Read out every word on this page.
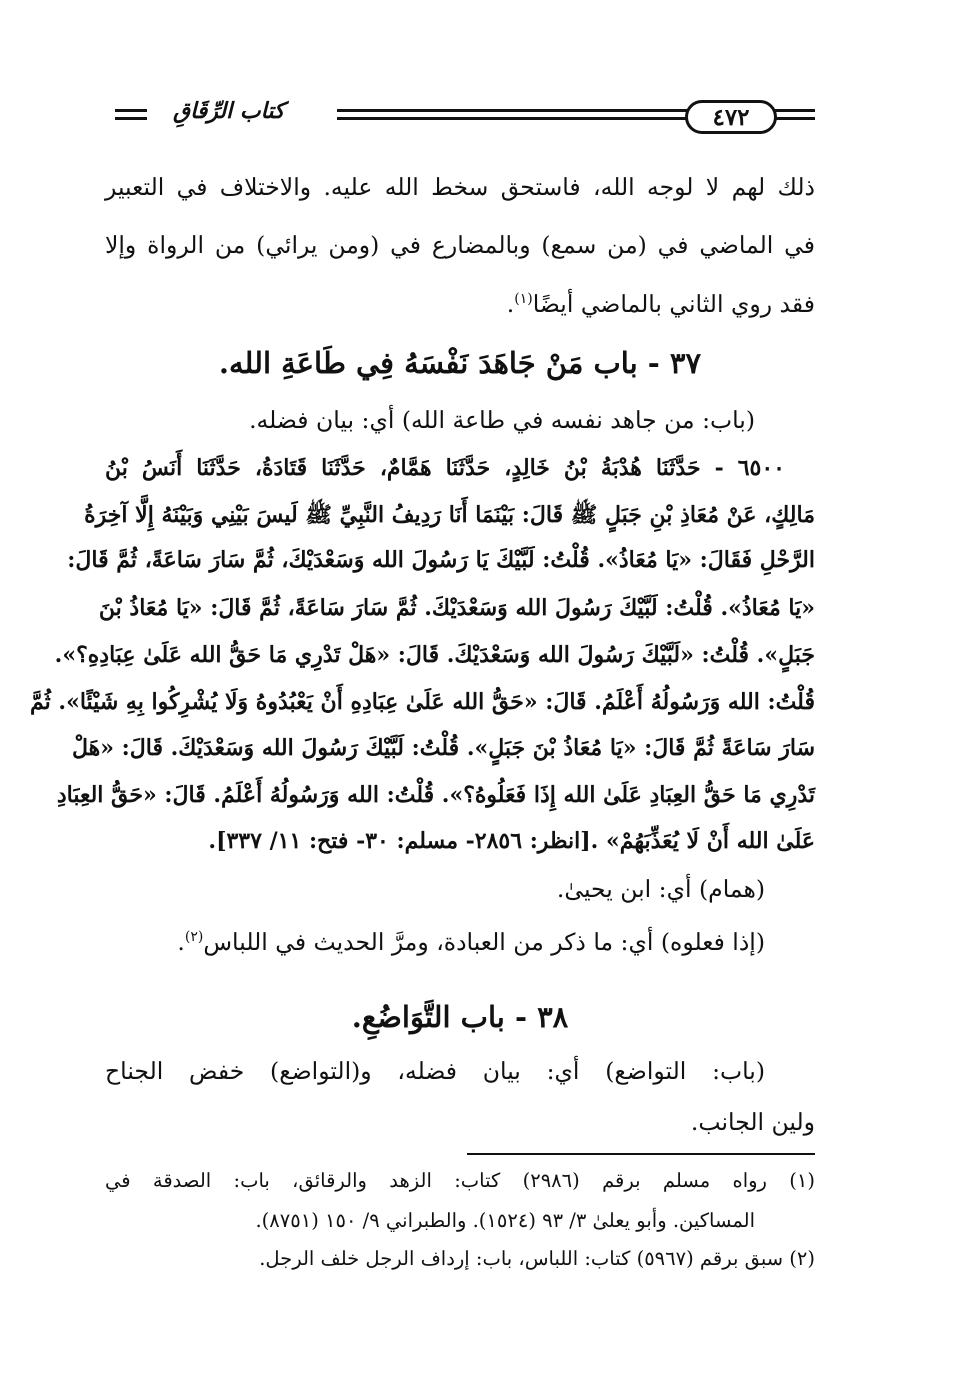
٤٧٢
كتاب الرِّقَاقِ
ذلك لهم لا لوجه الله، فاستحق سخط الله عليه. والاختلاف في التعبير
في الماضي في (من سمع) وبالمضارع في (ومن يرائي) من الرواة وإلا
فقد روي الثاني بالماضي أيضًا$^{(١)}$.
٣٧ - باب مَنْ جَاهَدَ نَفْسَهُ فِي طَاعَةِ الله.
(باب: من جاهد نفسه في طاعة الله) أي: بيان فضله.
٦٥٠٠ - حَدَّثَنَا هُدْبَةُ بْنُ خَالِدٍ، حَدَّثَنَا هَمَّامٌ، حَدَّثَنَا قَتَادَةُ، حَدَّثَنَا أَنَسُ بْنُ
مَالِكٍ، عَنْ مُعَاذِ بْنِ جَبَلٍ ﷺ قَالَ: بَيْنَمَا أَنَا رَدِيفُ النَّبِيِّ ﷺ لَيسَ بَيْنِي وَبَيْنَهُ إِلَّا آخِرَةُ
الرَّحْلِ فَقَالَ: «يَا مُعَاذُ». قُلْتُ: لَبَّيْكَ يَا رَسُولَ الله وَسَعْدَيْكَ، ثُمَّ سَارَ سَاعَةً، ثُمَّ قَالَ:
«يَا مُعَاذُ». قُلْتُ: لَبَّيْكَ رَسُولَ الله وَسَعْدَيْكَ. ثُمَّ سَارَ سَاعَةً، ثُمَّ قَالَ: «يَا مُعَاذُ بْنَ
جَبَلٍ». قُلْتُ: «لَبَّيْكَ رَسُولَ الله وَسَعْدَيْكَ. قَالَ: «هَلْ تَدْرِي مَا حَقُّ الله عَلَىٰ عِبَادِهِ؟».
قُلْتُ: الله وَرَسُولُهُ أَعْلَمُ. قَالَ: «حَقُّ الله عَلَىٰ عِبَادِهِ أَنْ يَعْبُدُوهُ وَلَا يُشْرِكُوا بِهِ شَيْئًا». ثُمَّ
سَارَ سَاعَةً ثُمَّ قَالَ: «يَا مُعَاذُ بْنَ جَبَلٍ». قُلْتُ: لَبَّيْكَ رَسُولَ الله وَسَعْدَيْكَ. قَالَ: «هَلْ
تَدْرِي مَا حَقُّ العِبَادِ عَلَىٰ الله إِذَا فَعَلُوهُ؟». قُلْتُ: الله وَرَسُولُهُ أَعْلَمُ. قَالَ: «حَقُّ العِبَادِ
عَلَىٰ الله أَنْ لَا يُعَذِّبَهُمْ» .[انظر: ٢٨٥٦- مسلم: ٣٠- فتح: ١١/ ٣٣٧].
(همام) أي: ابن يحيىٰ.
(إذا فعلوه) أي: ما ذكر من العبادة، ومرَّ الحديث في اللباس$^{(٢)}$.
٣٨ - باب التَّوَاضُعِ.
(باب: التواضع) أي: بيان فضله، و(التواضع) خفض الجناح
ولين الجانب.
(١) رواه مسلم برقم (٢٩٨٦) كتاب: الزهد والرقائق، باب: الصدقة في
المساكين. وأبو يعلىٰ ٣/ ٩٣ (١٥٢٤). والطبراني ٩/ ١٥٠ (٨٧٥١).
(٢) سبق برقم (٥٩٦٧) كتاب: اللباس، باب: إرداف الرجل خلف الرجل.
